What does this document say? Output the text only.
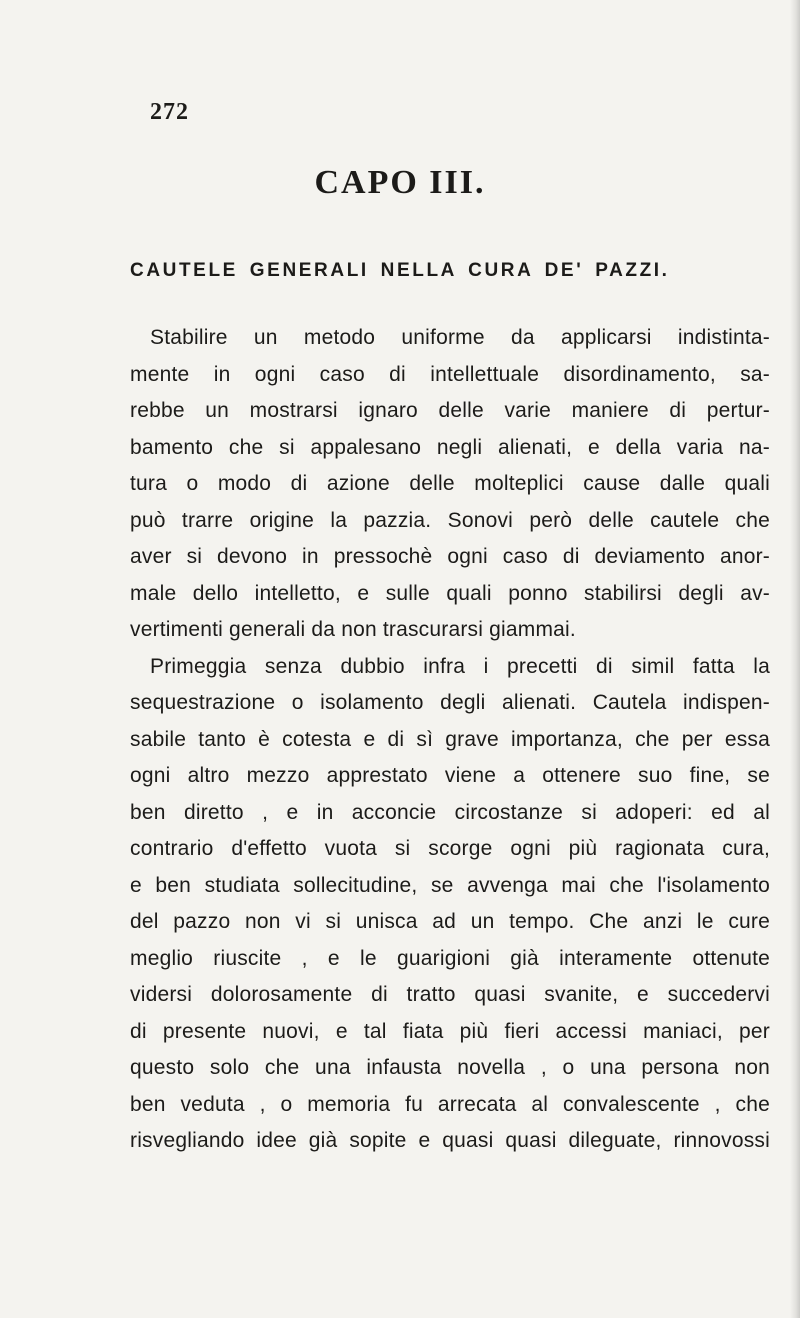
272
CAPO III.
CAUTELE GENERALI NELLA CURA DE' PAZZI.
Stabilire un metodo uniforme da applicarsi indistinta-
mente in ogni caso di intellettuale disordinamento, sa-
rebbe un mostrarsi ignaro delle varie maniere di pertur-
bamento che si appalesano negli alienati, e della varia na-
tura o modo di azione delle molteplici cause dalle quali
può trarre origine la pazzia. Sonovi però delle cautele che
aver si devono in pressochè ogni caso di deviamento anor-
male dello intelletto, e sulle quali ponno stabilirsi degli av-
vertimenti generali da non trascurarsi giammai.
Primeggia senza dubbio infra i precetti di simil fatta la
sequestrazione o isolamento degli alienati. Cautela indispen-
sabile tanto è cotesta e di sì grave importanza, che per essa
ogni altro mezzo apprestato viene a ottenere suo fine, se
ben diretto , e in acconcie circostanze si adoperi: ed al
contrario d'effetto vuota si scorge ogni più ragionata cura,
e ben studiata sollecitudine, se avvenga mai che l'isolamento
del pazzo non vi si unisca ad un tempo. Che anzi le cure
meglio riuscite , e le guarigioni già interamente ottenute
vidersi dolorosamente di tratto quasi svanite, e succedervi
di presente nuovi, e tal fiata più fieri accessi maniaci, per
questo solo che una infausta novella , o una persona non
ben veduta , o memoria fu arrecata al convalescente , che
risvegliando idee già sopite e quasi quasi dileguate, rinnovossi
